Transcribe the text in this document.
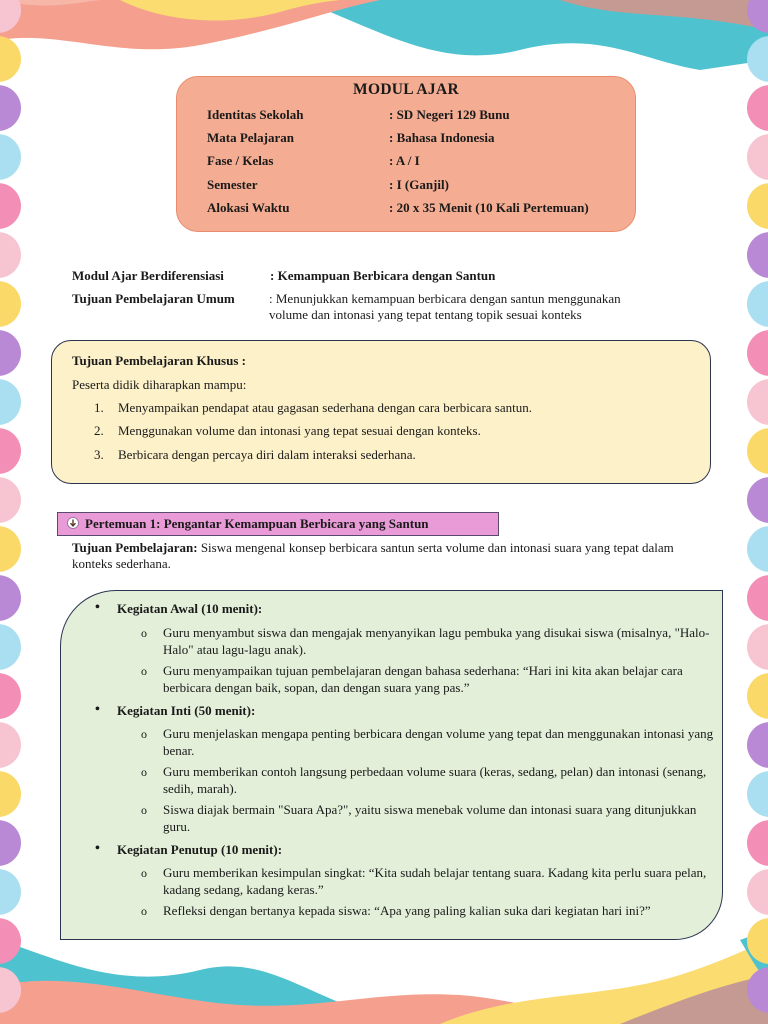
MODUL AJAR
Identitas Sekolah	: SD Negeri 129 Bunu
Mata Pelajaran	: Bahasa Indonesia
Fase / Kelas	: A / I
Semester	: I (Ganjil)
Alokasi Waktu	: 20 x 35 Menit (10 Kali Pertemuan)
Modul Ajar Berdiferensiasi	: Kemampuan Berbicara dengan Santun
Tujuan Pembelajaran Umum	: Menunjukkan kemampuan berbicara dengan santun menggunakan
volume dan intonasi yang tepat tentang topik sesuai konteks
Tujuan Pembelajaran Khusus :
Peserta didik diharapkan mampu:
1. Menyampaikan pendapat atau gagasan sederhana dengan cara berbicara santun.
2. Menggunakan volume dan intonasi yang tepat sesuai dengan konteks.
3. Berbicara dengan percaya diri dalam interaksi sederhana.
Pertemuan 1: Pengantar Kemampuan Berbicara yang Santun
Tujuan Pembelajaran: Siswa mengenal konsep berbicara santun serta volume dan intonasi suara yang tepat dalam konteks sederhana.
• Kegiatan Awal (10 menit):
o Guru menyambut siswa dan mengajak menyanyikan lagu pembuka yang disukai siswa (misalnya, "Halo-Halo" atau lagu-lagu anak).
o Guru menyampaikan tujuan pembelajaran dengan bahasa sederhana: “Hari ini kita akan belajar cara berbicara dengan baik, sopan, dan dengan suara yang pas.”
• Kegiatan Inti (50 menit):
o Guru menjelaskan mengapa penting berbicara dengan volume yang tepat dan menggunakan intonasi yang benar.
o Guru memberikan contoh langsung perbedaan volume suara (keras, sedang, pelan) dan intonasi (senang, sedih, marah).
o Siswa diajak bermain "Suara Apa?", yaitu siswa menebak volume dan intonasi suara yang ditunjukkan guru.
• Kegiatan Penutup (10 menit):
o Guru memberikan kesimpulan singkat: “Kita sudah belajar tentang suara. Kadang kita perlu suara pelan, kadang sedang, kadang keras.”
o Refleksi dengan bertanya kepada siswa: “Apa yang paling kalian suka dari kegiatan hari ini?”
